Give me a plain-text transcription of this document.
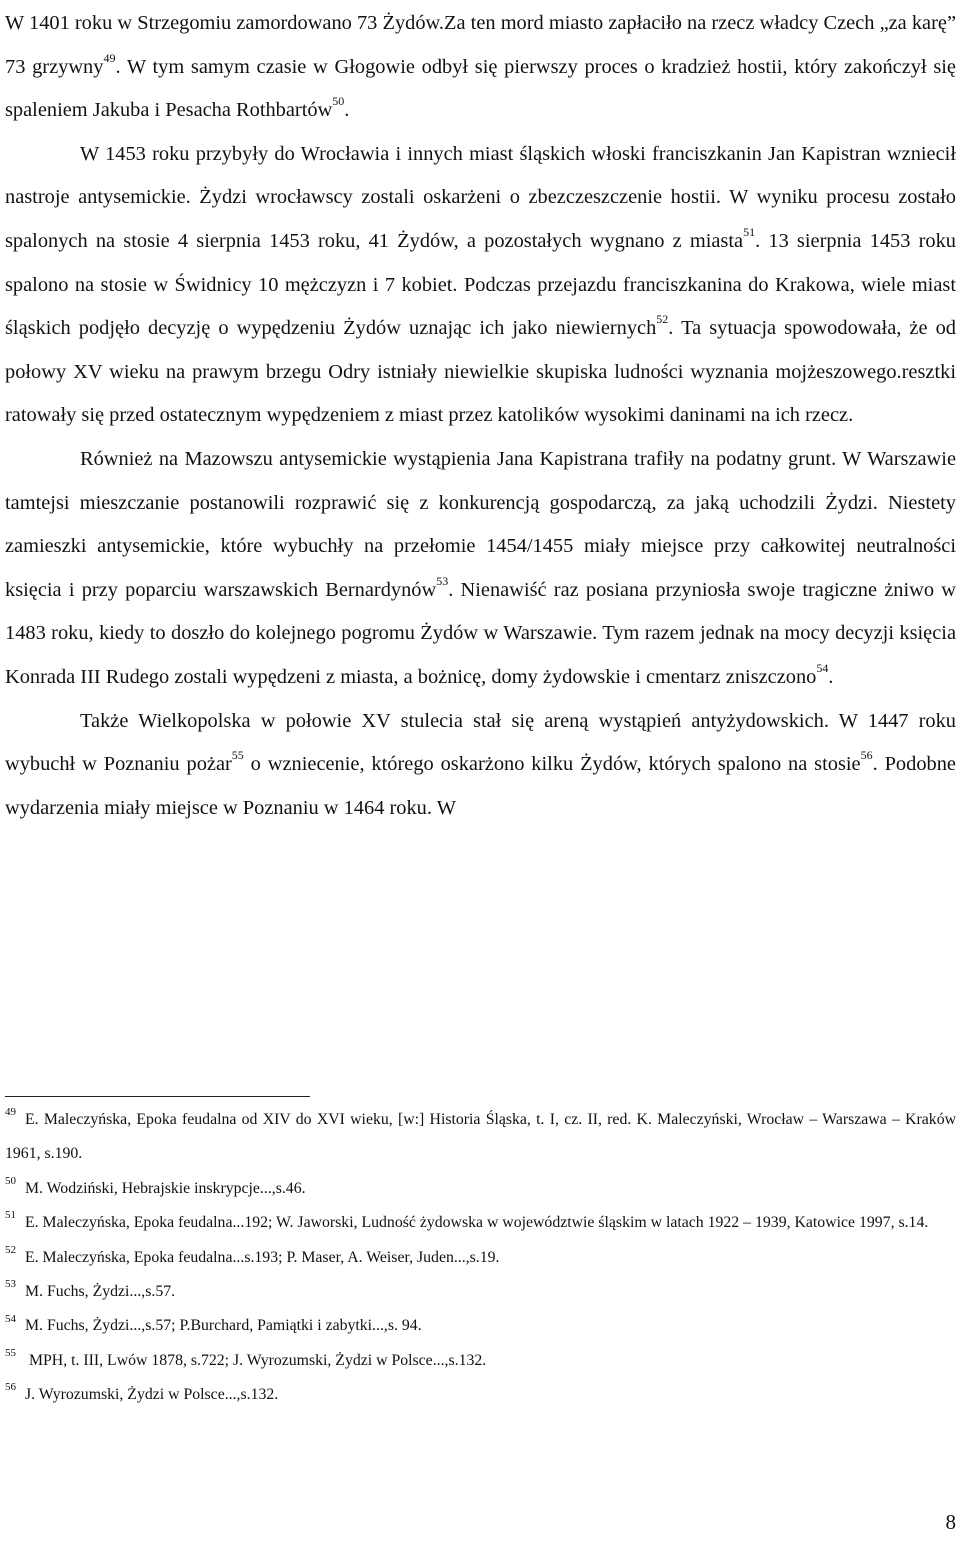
W 1401 roku w Strzegomiu zamordowano 73 Żydów.Za ten mord miasto zapłaciło na rzecz władcy Czech „za karę” 73 grzywny$^{49}$. W tym samym czasie w Głogowie odbył się pierwszy proces o kradzież hostii, który zakończył się spaleniem Jakuba i Pesacha Rothbartów$^{50}$.

W 1453 roku przybyły do Wrocławia i innych miast śląskich włoski franciszkanin Jan Kapistran wzniecił nastroje antysemickie. Żydzi wrocławscy zostali oskarżeni o zbezczeszczenie hostii. W wyniku procesu zostało spalonych na stosie 4 sierpnia 1453 roku, 41 Żydów, a pozostałych wygnano z miasta$^{51}$. 13 sierpnia 1453 roku spalono na stosie w Świdnicy 10 mężczyzn i 7 kobiet. Podczas przejazdu franciszkanina do Krakowa, wiele miast śląskich podjęło decyzję o wypędzeniu Żydów uznając ich jako niewiernych$^{52}$. Ta sytuacja spowodowała, że od połowy XV wieku na prawym brzegu Odry istniały niewielkie skupiska ludności wyznania mojżeszowego.resztki ratowały się przed ostatecznym wypędzeniem z miast przez katolików wysokimi daninami na ich rzecz.

Również na Mazowszu antysemickie wystąpienia Jana Kapistrana trafiły na podatny grunt. W Warszawie tamtejsi mieszczanie postanowili rozprawić się z konkurencją gospodarczą, za jaką uchodzili Żydzi. Niestety zamieszki antysemickie, które wybuchły na przełomie 1454/1455 miały miejsce przy całkowitej neutralności księcia i przy poparciu warszawskich Bernardynów$^{53}$. Nienawiść raz posiana przyniosła swoje tragiczne żniwo w 1483 roku, kiedy to doszło do kolejnego pogromu Żydów w Warszawie. Tym razem jednak na mocy decyzji księcia Konrada III Rudego zostali wypędzeni z miasta, a bożnicę, domy żydowskie i cmentarz zniszczono$^{54}$.

Także Wielkopolska w połowie XV stulecia stał się areną wystąpień antyżydowskich. W 1447 roku wybuchł w Poznaniu pożar$^{55}$ o wzniecenie, którego oskarżono kilku Żydów, których spalono na stosie$^{56}$. Podobne wydarzenia miały miejsce w Poznaniu w 1464 roku. W

$^{49}$ E. Maleczyńska, Epoka feudalna od XIV do XVI wieku, [w:] Historia Śląska, t. I, cz. II, red. K. Maleczyński, Wrocław – Warszawa – Kraków 1961, s.190.

$^{50}$ M. Wodziński, Hebrajskie inskrypcje...,s.46.

$^{51}$ E. Maleczyńska, Epoka feudalna...192; W. Jaworski, Ludność żydowska w województwie śląskim w latach 1922 – 1939, Katowice 1997, s.14.

$^{52}$ E. Maleczyńska, Epoka feudalna...s.193; P. Maser, A. Weiser, Juden...,s.19.

$^{53}$ M. Fuchs, Żydzi...,s.57.

$^{54}$ M. Fuchs, Żydzi...,s.57; P.Burchard, Pamiątki i zabytki...,s. 94.

$^{55}$ MPH, t. III, Lwów 1878, s.722; J. Wyrozumski, Żydzi w Polsce...,s.132.

$^{56}$ J. Wyrozumski, Żydzi w Polsce...,s.132.

8
